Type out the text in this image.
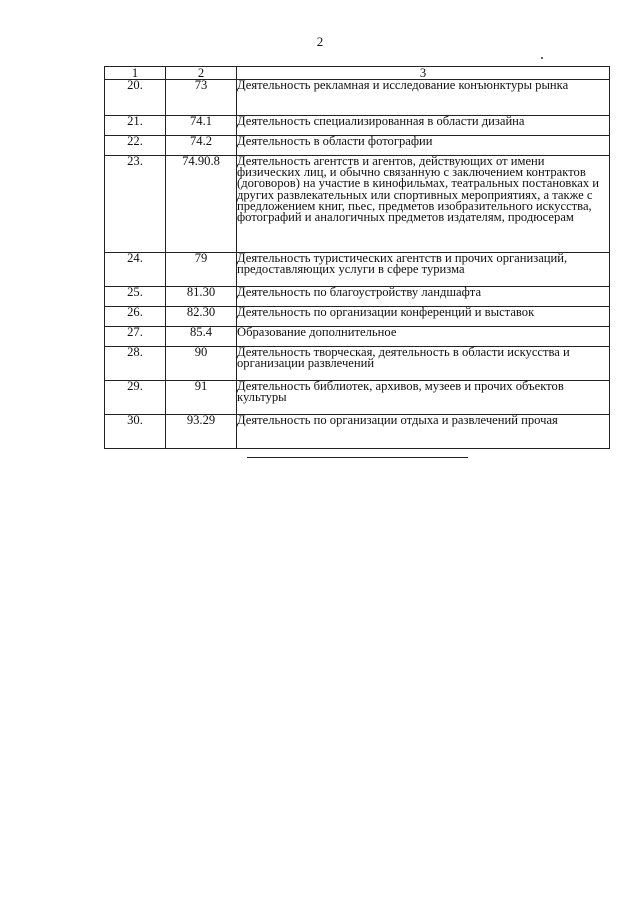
2
1	2	3
20.	73	Деятельность рекламная и исследование конъюнктуры рынка
21.	74.1	Деятельность специализированная в области дизайна
22.	74.2	Деятельность в области фотографии
23.	74.90.8	Деятельность агентств и агентов, действующих от имени физических лиц, и обычно связанную с заключением контрактов (договоров) на участие в кинофильмах, театральных постановках и других развлекательных или спортивных мероприятиях, а также с предложением книг, пьес, предметов изобразительного искусства, фотографий и аналогичных предметов издателям, продюсерам
24.	79	Деятельность туристических агентств и прочих организаций, предоставляющих услуги в сфере туризма
25.	81.30	Деятельность по благоустройству ландшафта
26.	82.30	Деятельность по организации конференций и выставок
27.	85.4	Образование дополнительное
28.	90	Деятельность творческая, деятельность в области искусства и организации развлечений
29.	91	Деятельность библиотек, архивов, музеев и прочих объектов культуры
30.	93.29	Деятельность по организации отдыха и развлечений прочая
